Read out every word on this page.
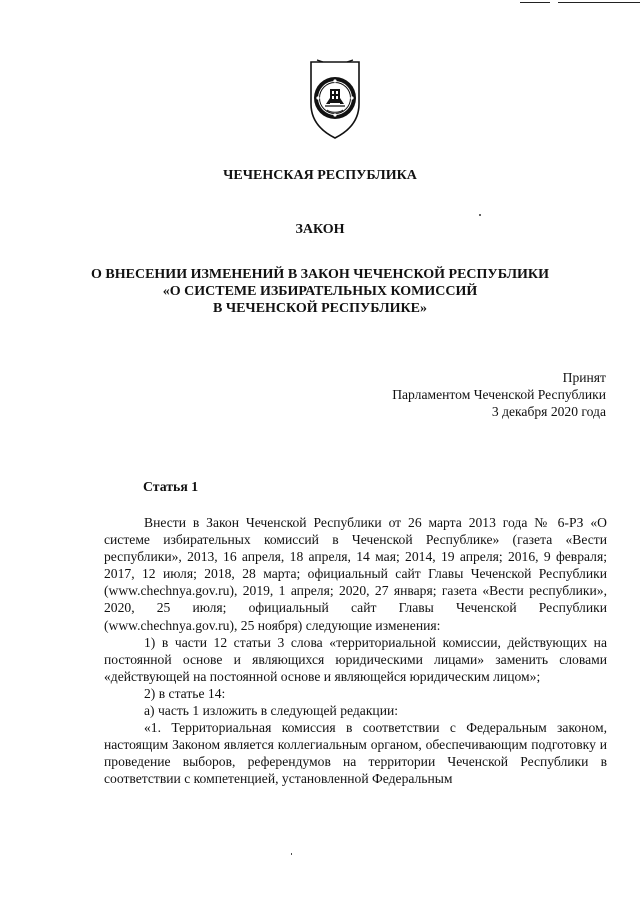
ЧЕЧЕНСКАЯ РЕСПУБЛИКА
ЗАКОН
О ВНЕСЕНИИ ИЗМЕНЕНИЙ В ЗАКОН ЧЕЧЕНСКОЙ РЕСПУБЛИКИ
«О СИСТЕМЕ ИЗБИРАТЕЛЬНЫХ КОМИССИЙ
В ЧЕЧЕНСКОЙ РЕСПУБЛИКЕ»
Принят
Парламентом Чеченской Республики
3 декабря 2020 года
Статья 1

Внести в Закон Чеченской Республики от 26 марта 2013 года № 6-РЗ «О системе избирательных комиссий в Чеченской Республике» (газета «Вести республики», 2013, 16 апреля, 18 апреля, 14 мая; 2014, 19 апреля; 2016, 9 февраля; 2017, 12 июля; 2018, 28 марта; официальный сайт Главы Чеченской Республики (www.chechnya.gov.ru), 2019, 1 апреля; 2020, 27 января; газета «Вести республики», 2020, 25 июля; официальный сайт Главы Чеченской Республики (www.chechnya.gov.ru), 25 ноября) следующие изменения:

1) в части 12 статьи 3 слова «территориальной комиссии, действующих на постоянной основе и являющихся юридическими лицами» заменить словами «действующей на постоянной основе и являющейся юридическим лицом»;

2) в статье 14:

а) часть 1 изложить в следующей редакции:

«1. Территориальная комиссия в соответствии с Федеральным законом, настоящим Законом является коллегиальным органом, обеспечивающим подготовку и проведение выборов, референдумов на территории Чеченской Республики в соответствии с компетенцией, установленной Федеральным
